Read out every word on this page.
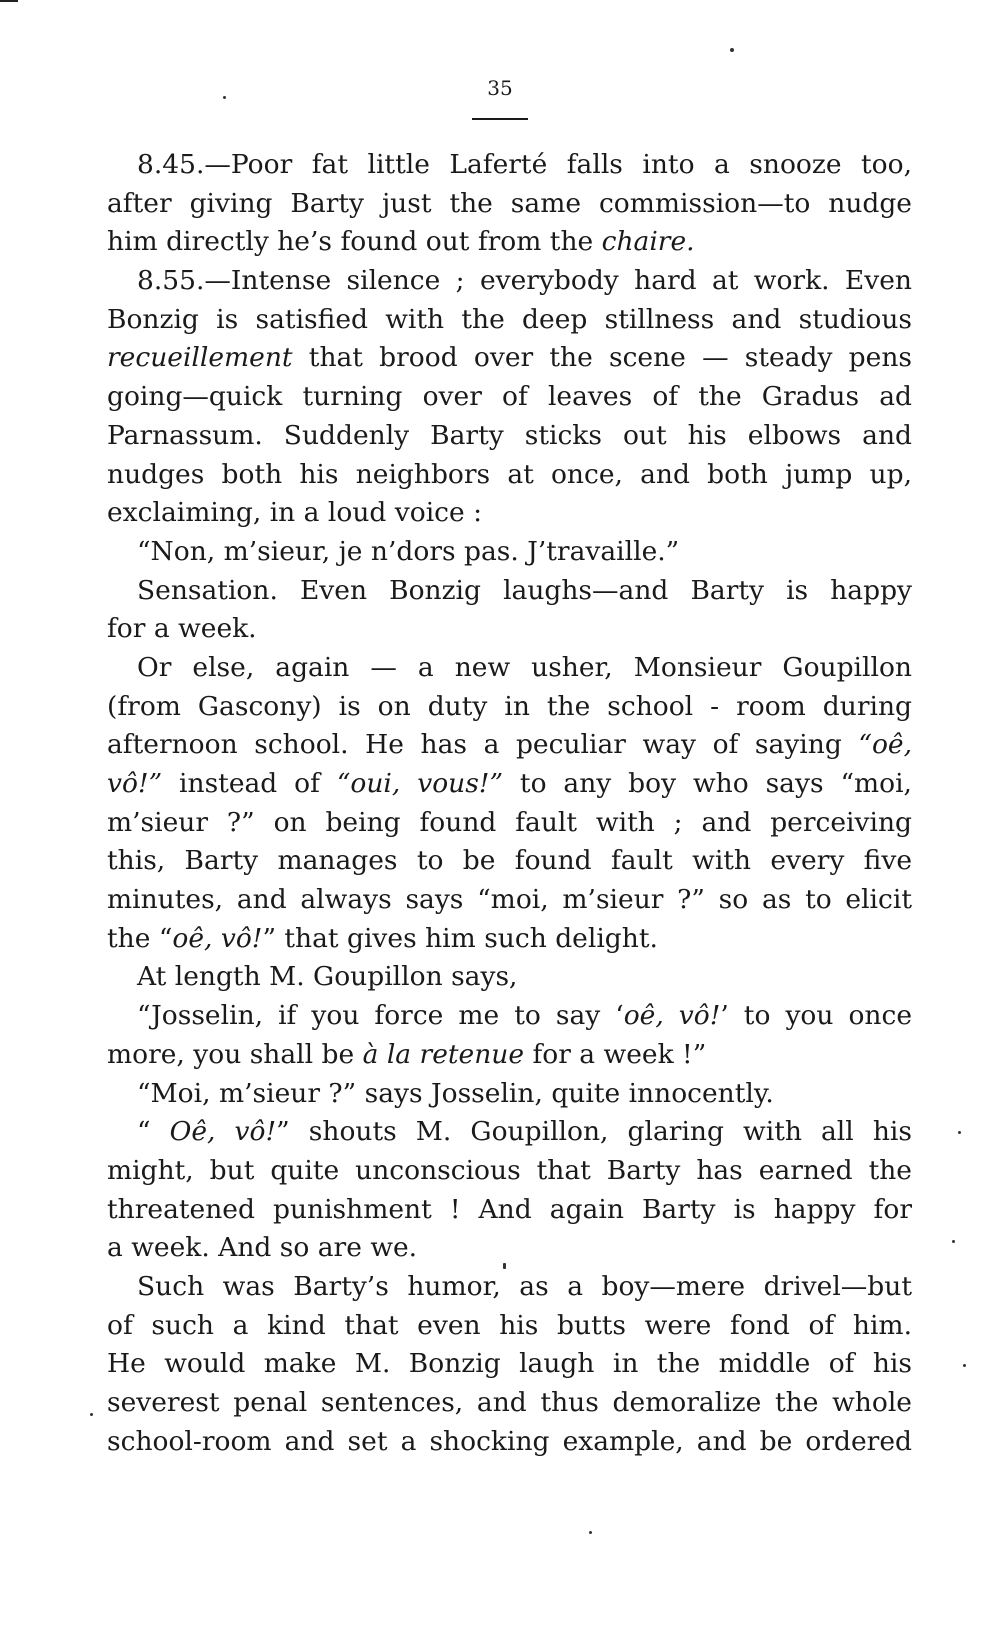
35
8.45.—Poor fat little Laferté falls into a snooze too,
after giving Barty just the same commission—to nudge
him directly he’s found out from the chaire.
8.55.—Intense silence ; everybody hard at work. Even
Bonzig is satisfied with the deep stillness and studious
recueillement that brood over the scene — steady pens
going—quick turning over of leaves of the Gradus ad
Parnassum. Suddenly Barty sticks out his elbows and
nudges both his neighbors at once, and both jump up,
exclaiming, in a loud voice :
“Non, m’sieur, je n’dors pas. J’travaille.”
Sensation. Even Bonzig laughs—and Barty is happy
for a week.
Or else, again — a new usher, Monsieur Goupillon
(from Gascony) is on duty in the school - room during
afternoon school. He has a peculiar way of saying “oê,
vô!” instead of “oui, vous!” to any boy who says “moi,
m’sieur ?” on being found fault with ; and perceiving
this, Barty manages to be found fault with every five
minutes, and always says “moi, m’sieur ?” so as to elicit
the “oê, vô!” that gives him such delight.
At length M. Goupillon says,
“Josselin, if you force me to say ‘oê, vô!’ to you once
more, you shall be à la retenue for a week !”
“Moi, m’sieur ?” says Josselin, quite innocently.
“ Oê, vô!” shouts M. Goupillon, glaring with all his
might, but quite unconscious that Barty has earned the
threatened punishment ! And again Barty is happy for
a week. And so are we.
Such was Barty’s humor, as a boy—mere drivel—but
of such a kind that even his butts were fond of him.
He would make M. Bonzig laugh in the middle of his
severest penal sentences, and thus demoralize the whole
school-room and set a shocking example, and be ordered
